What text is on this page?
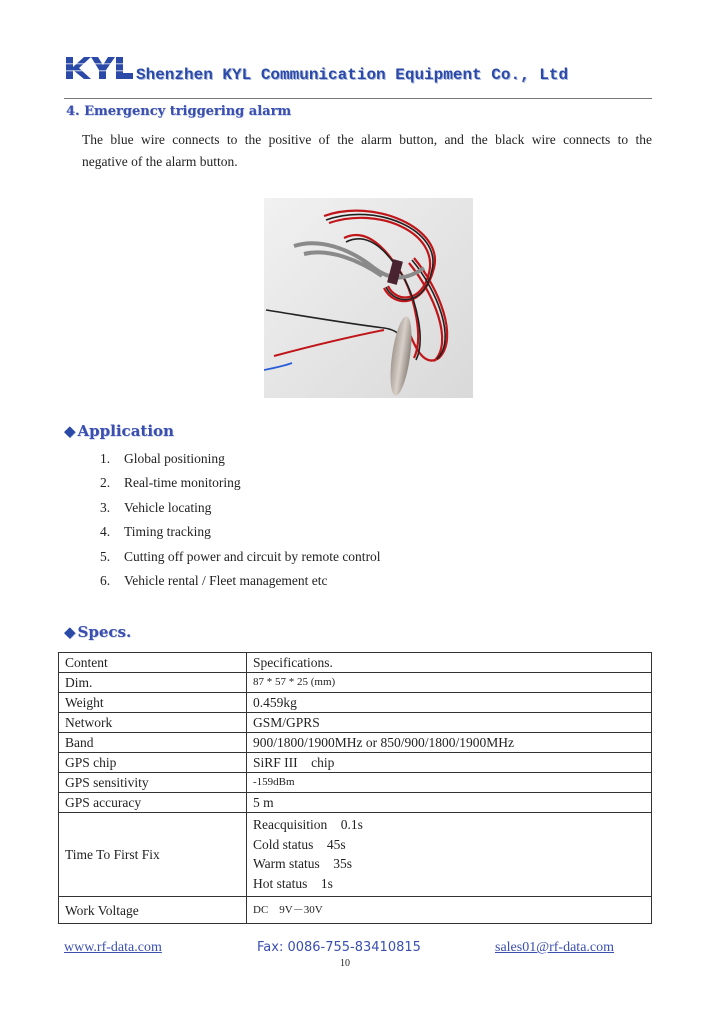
Shenzhen KYL Communication Equipment Co., Ltd
4. Emergency triggering alarm
The blue wire connects to the positive of the alarm button, and the black wire connects to the
negative of the alarm button.
◆ Application
1. Global positioning
2. Real-time monitoring
3. Vehicle locating
4. Timing tracking
5. Cutting off power and circuit by remote control
6. Vehicle rental / Fleet management etc
◆ Specs.
Content	Specifications.
Dim.	87 * 57 * 25 (mm)
Weight	0.459kg
Network	GSM/GPRS
Band	900/1800/1900MHz or 850/900/1800/1900MHz
GPS chip	SiRF III　chip
GPS sensitivity	-159dBm
GPS accuracy	5 m
Time To First Fix	Reacquisition　0.1s
Cold status　45s
Warm status　35s
Hot status　1s

Work Voltage	DC　9V－30V
www.rf-data.com	Fax: 0086-755-83410815	sales01@rf-data.com
10
